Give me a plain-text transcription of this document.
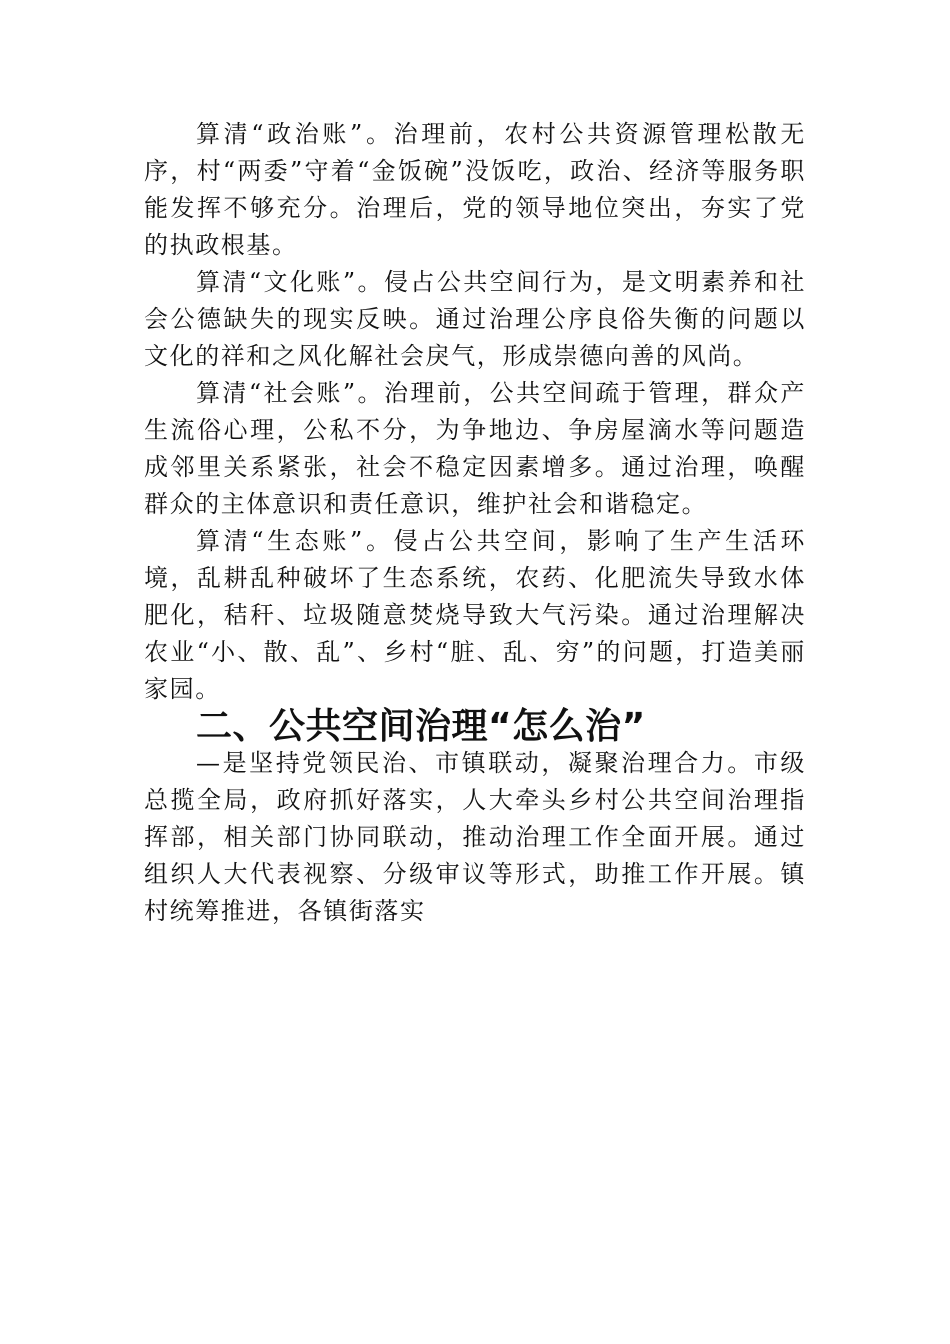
算清“政治账”。治理前，农村公共资源管理松散无序，村“两委”守着“金饭碗”没饭吃，政治、经济等服务职能发挥不够充分。治理后，党的领导地位突出，夯实了党的执政根基。

算清“文化账”。侵占公共空间行为，是文明素养和社会公德缺失的现实反映。通过治理公序良俗失衡的问题以文化的祥和之风化解社会戾气，形成崇德向善的风尚。

算清“社会账”。治理前，公共空间疏于管理，群众产生流俗心理，公私不分，为争地边、争房屋滴水等问题造成邻里关系紧张，社会不稳定因素增多。通过治理，唤醒群众的主体意识和责任意识，维护社会和谐稳定。

算清“生态账”。侵占公共空间，影响了生产生活环境，乱耕乱种破坏了生态系统，农药、化肥流失导致水体肥化，秸秆、垃圾随意焚烧导致大气污染。通过治理解决农业“小、散、乱”、乡村“脏、乱、穷”的问题，打造美丽家园。

二、公共空间治理“怎么治”

—是坚持党领民治、市镇联动，凝聚治理合力。市级总揽全局，政府抓好落实，人大牵头乡村公共空间治理指挥部，相关部门协同联动，推动治理工作全面开展。通过组织人大代表视察、分级审议等形式，助推工作开展。镇村统筹推进，各镇街落实
